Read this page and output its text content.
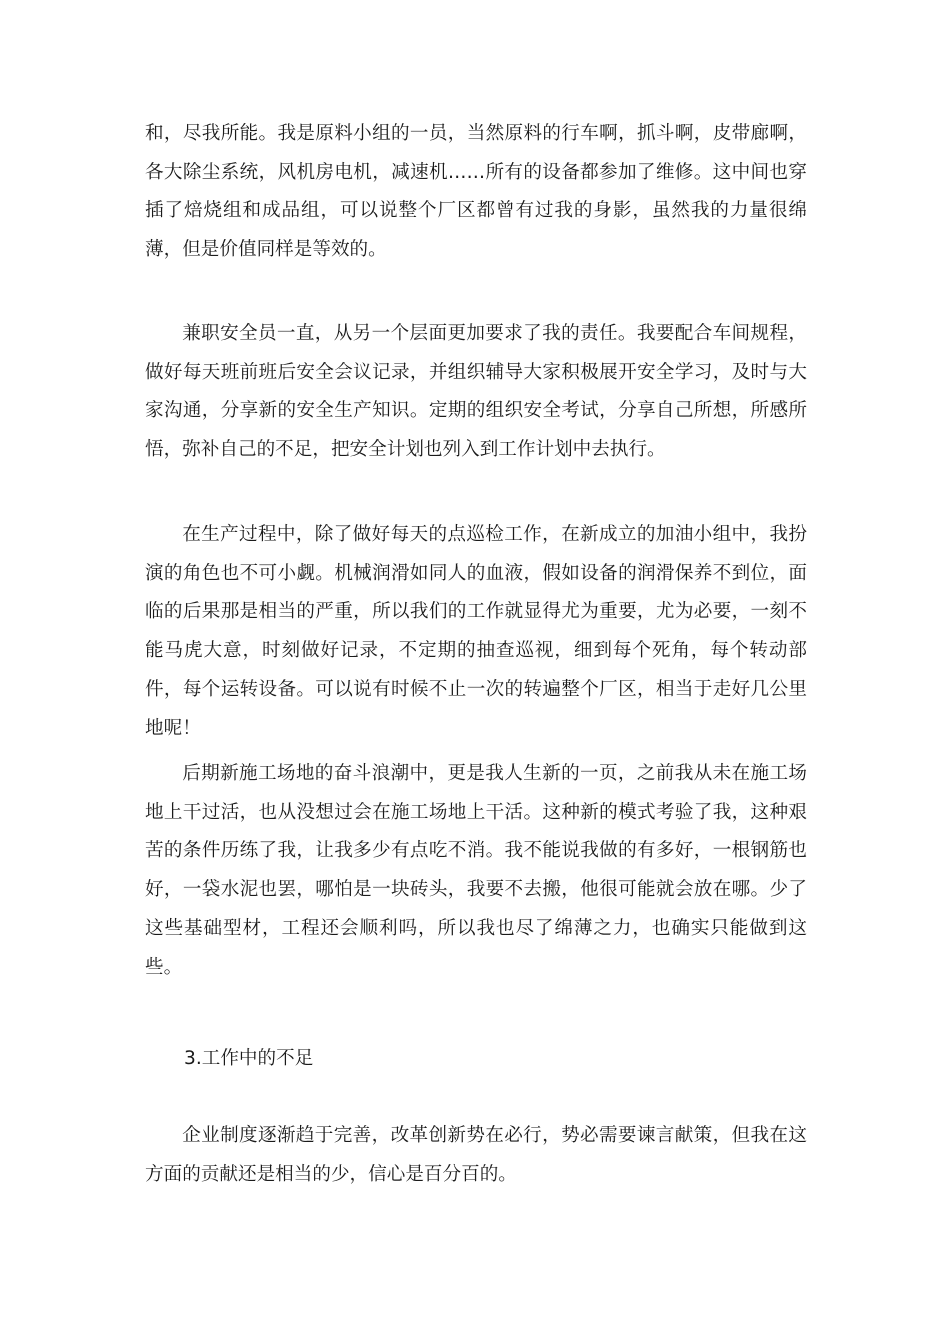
和，尽我所能。我是原料小组的一员，当然原料的行车啊，抓斗啊，皮带廊啊，各大除尘系统，风机房电机，减速机……所有的设备都参加了维修。这中间也穿插了焙烧组和成品组，可以说整个厂区都曾有过我的身影，虽然我的力量很绵薄，但是价值同样是等效的。

兼职安全员一直，从另一个层面更加要求了我的责任。我要配合车间规程，做好每天班前班后安全会议记录，并组织辅导大家积极展开安全学习，及时与大家沟通，分享新的安全生产知识。定期的组织安全考试，分享自己所想，所感所悟，弥补自己的不足，把安全计划也列入到工作计划中去执行。

在生产过程中，除了做好每天的点巡检工作，在新成立的加油小组中，我扮演的角色也不可小觑。机械润滑如同人的血液，假如设备的润滑保养不到位，面临的后果那是相当的严重，所以我们的工作就显得尤为重要，尤为必要，一刻不能马虎大意，时刻做好记录，不定期的抽查巡视，细到每个死角，每个转动部件，每个运转设备。可以说有时候不止一次的转遍整个厂区，相当于走好几公里地呢！

后期新施工场地的奋斗浪潮中，更是我人生新的一页，之前我从未在施工场地上干过活，也从没想过会在施工场地上干活。这种新的模式考验了我，这种艰苦的条件历练了我，让我多少有点吃不消。我不能说我做的有多好，一根钢筋也好，一袋水泥也罢，哪怕是一块砖头，我要不去搬，他很可能就会放在哪。少了这些基础型材，工程还会顺利吗，所以我也尽了绵薄之力，也确实只能做到这些。

3.工作中的不足

企业制度逐渐趋于完善，改革创新势在必行，势必需要谏言献策，但我在这方面的贡献还是相当的少，信心是百分百的。
